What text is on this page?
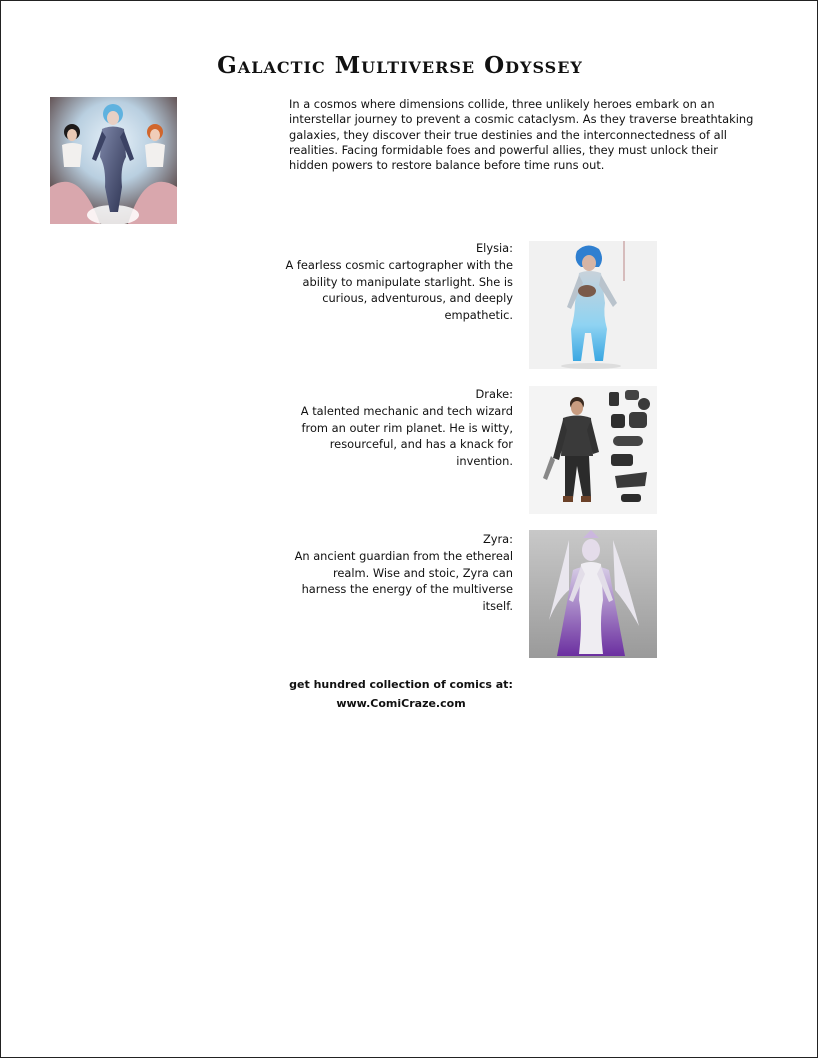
Galactic Multiverse Odyssey

In a cosmos where dimensions collide, three unlikely heroes embark on an interstellar journey to prevent a cosmic cataclysm. As they traverse breathtaking galaxies, they discover their true destinies and the interconnectedness of all realities. Facing formidable foes and powerful allies, they must unlock their hidden powers to restore balance before time runs out.

Elysia:
A fearless cosmic cartographer with the ability to manipulate starlight. She is curious, adventurous, and deeply empathetic.
Drake:
A talented mechanic and tech wizard from an outer rim planet. He is witty, resourceful, and has a knack for invention.
Zyra:
An ancient guardian from the ethereal realm. Wise and stoic, Zyra can harness the energy of the multiverse itself.
get hundred collection of comics at:
www.ComiCraze.com
